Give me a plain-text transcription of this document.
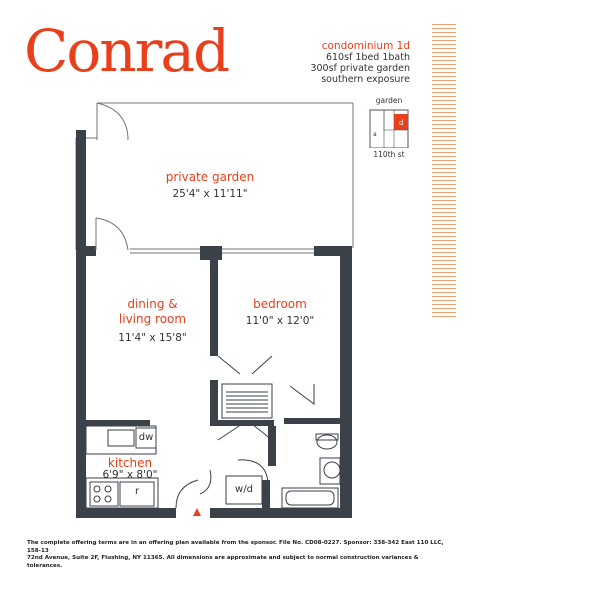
Conrad	condominium 1d
610sf 1bed 1bath
300sf private garden
southern exposure
garden
d
a
110th st
private garden
25'4" x 11'11"
dining &
living room
11'4" x 15'8"
bedroom
11'0" x 12'0"
kitchen
6'9" x 8'0"
dw
r	w/d
The complete offering terms are in an offering plan available from the sponsor. File No. CD08-0227. Sponsor: 338-342 East 110 LLC, 158-13
72nd Avenue, Suite 2F, Flushing, NY 11365. All dimensions are approximate and subject to normal construction variances & tolerances.
